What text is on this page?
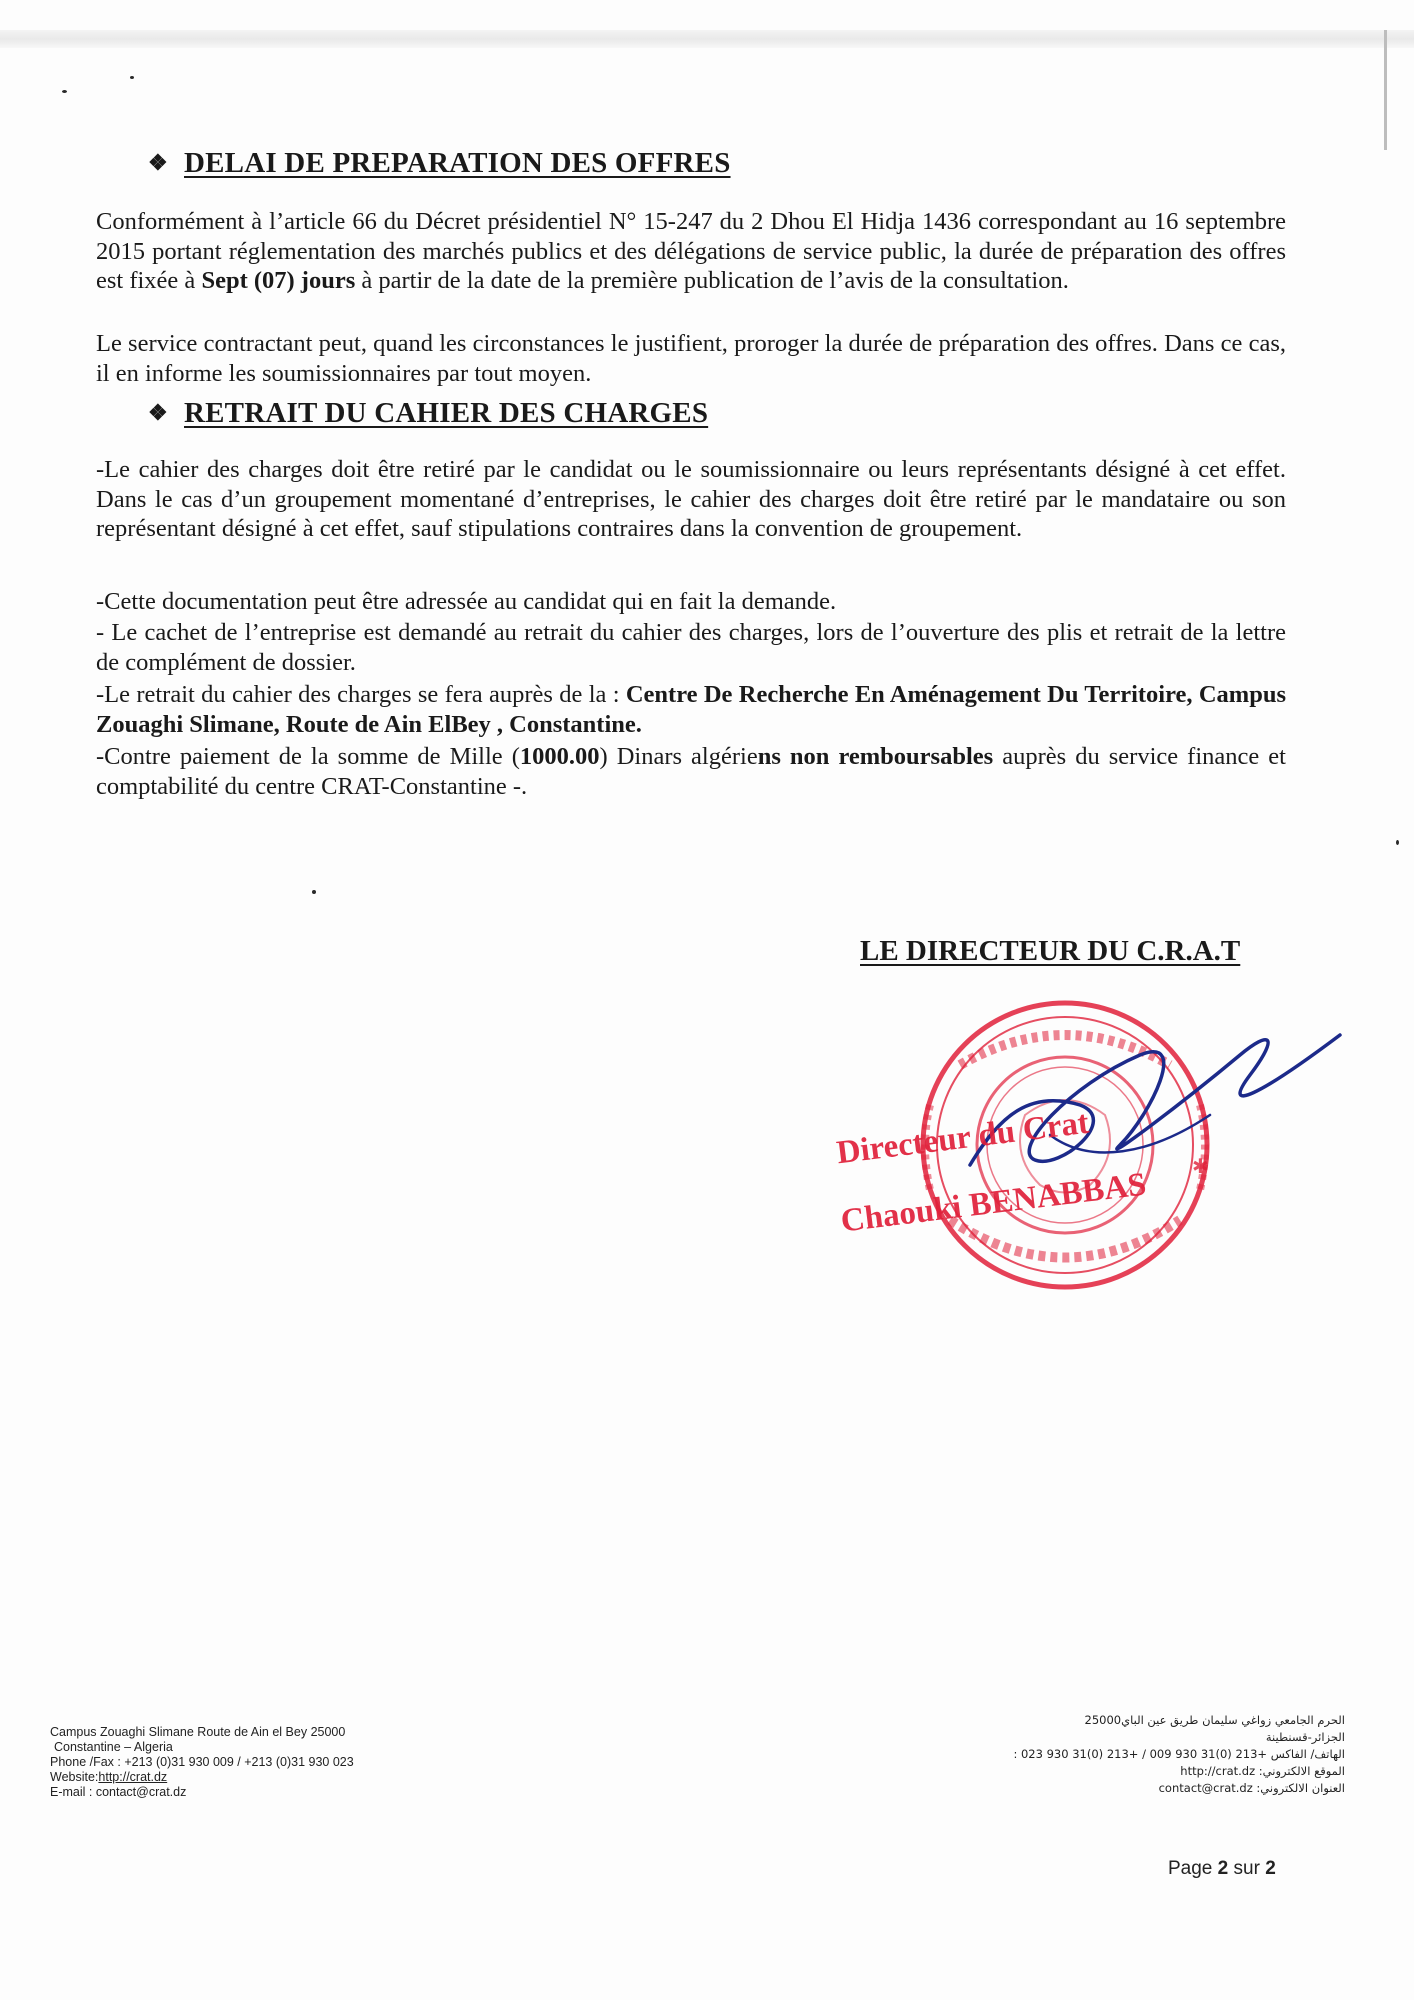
❖ DELAI DE PREPARATION DES OFFRES

Conformément à l’article 66 du Décret présidentiel N° 15-247 du 2 Dhou El Hidja 1436 correspondant au 16 septembre 2015 portant réglementation des marchés publics et des délégations de service public, la durée de préparation des offres est fixée à Sept (07) jours à partir de la date de la première publication de l’avis de la consultation.

Le service contractant peut, quand les circonstances le justifient, proroger la durée de préparation des offres. Dans ce cas, il en informe les soumissionnaires par tout moyen.

❖ RETRAIT DU CAHIER DES CHARGES

-Le cahier des charges doit être retiré par le candidat ou le soumissionnaire ou leurs représentants désigné à cet effet. Dans le cas d’un groupement momentané d’entreprises, le cahier des charges doit être retiré par le mandataire ou son représentant désigné à cet effet, sauf stipulations contraires dans la convention de groupement.

-Cette documentation peut être adressée au candidat qui en fait la demande.

- Le cachet de l’entreprise est demandé au retrait du cahier des charges, lors de l’ouverture des plis et retrait de la lettre de complément de dossier.

-Le retrait du cahier des charges se fera auprès de la : Centre De Recherche En Aménagement Du Territoire, Campus Zouaghi Slimane, Route de Ain ElBey , Constantine.

-Contre paiement de la somme de Mille (1000.00) Dinars algériens non remboursables auprès du service finance et comptabilité du centre CRAT-Constantine -.

LE DIRECTEUR DU C.R.A.T
✱
Directeur du Crat
Chaouki BENABBAS
Campus Zouaghi Slimane Route de Ain el Bey 25000
Constantine – Algeria
Phone /Fax : +213 (0)31 930 009 / +213 (0)31 930 023
Website:http://crat.dz
E-mail : contact@crat.dz
الحرم الجامعي زواغي سليمان طريق عين الباي25000
الجزائر-قسنطينة
الهاتف/ الفاكس +213 (0)31 930 009 / +213 (0)31 930 023 :
الموقع الالكتروني: http://crat.dz
العنوان الالكتروني: contact@crat.dz
Page 2 sur 2
